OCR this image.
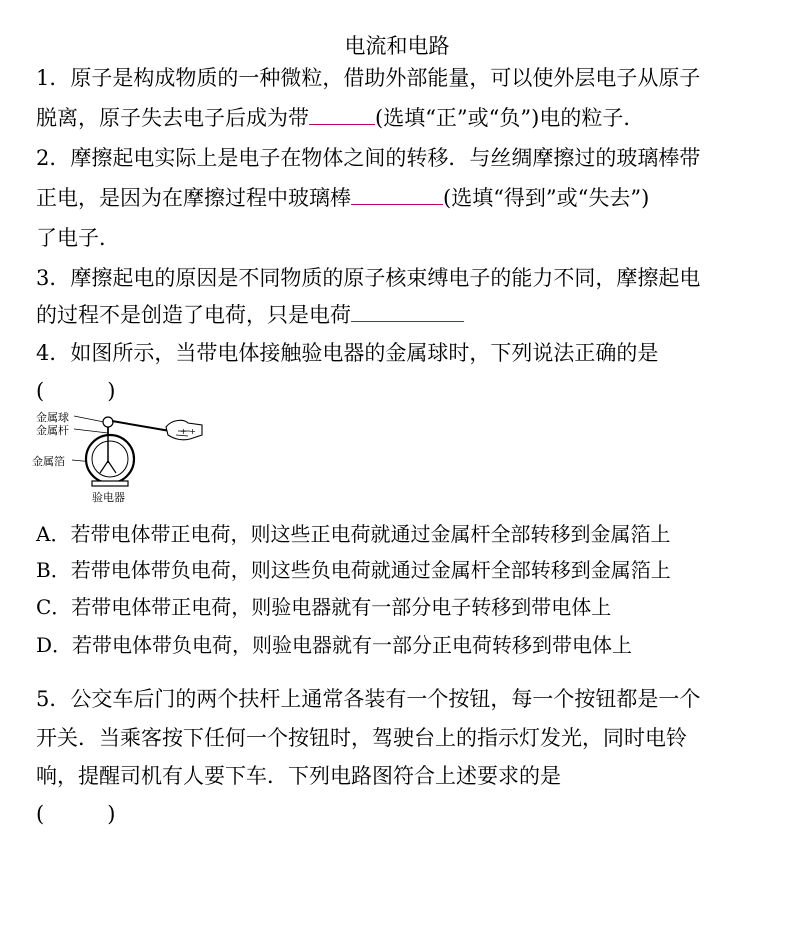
电流和电路
1．原子是构成物质的一种微粒，借助外部能量，可以使外层电子从原子
脱离，原子失去电子后成为带	(选填“正”或“负”)电的粒子．
2．摩擦起电实际上是电子在物体之间的转移．与丝绸摩擦过的玻璃棒带
正电，是因为在摩擦过程中玻璃棒	(选填“得到”或“失去”)
了电子．
3．摩擦起电的原因是不同物质的原子核束缚电子的能力不同，摩擦起电
的过程不是创造了电荷，只是电荷
4．如图所示，当带电体接触验电器的金属球时，下列说法正确的是
(　　　)
金属球
金属杆
金属箔
验电器
+ +
A．若带电体带正电荷，则这些正电荷就通过金属杆全部转移到金属箔上
B．若带电体带负电荷，则这些负电荷就通过金属杆全部转移到金属箔上
C．若带电体带正电荷，则验电器就有一部分电子转移到带电体上
D．若带电体带负电荷，则验电器就有一部分正电荷转移到带电体上
5．公交车后门的两个扶杆上通常各装有一个按钮，每一个按钮都是一个
开关．当乘客按下任何一个按钮时，驾驶台上的指示灯发光，同时电铃
响，提醒司机有人要下车．下列电路图符合上述要求的是
(　　　)
